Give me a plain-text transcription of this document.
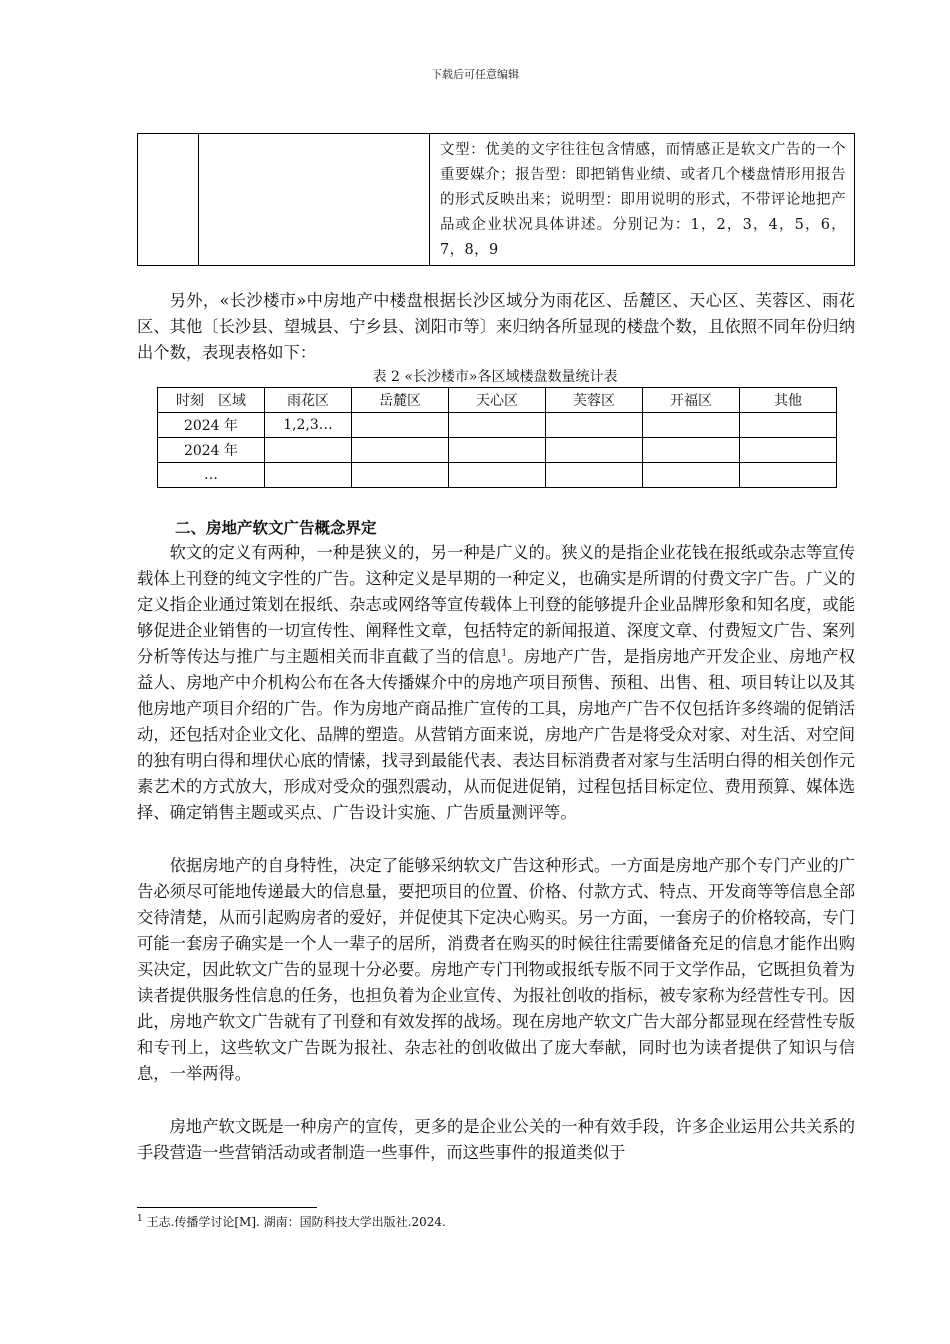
下载后可任意编辑
		文型：优美的文字往往包含情感，而情感正是软文广告的一个重要媒介；报告型：即把销售业绩、或者几个楼盘情形用报告的形式反映出来；说明型：即用说明的形式，不带评论地把产品或企业状况具体讲述。分别记为：1，2，3，4，5，6，7，8，9

另外，«长沙楼市»中房地产中楼盘根据长沙区域分为雨花区、岳麓区、天心区、芙蓉区、雨花区、其他〔长沙县、望城县、宁乡县、浏阳市等〕来归纳各所显现的楼盘个数，且依照不同年份归纳出个数，表现表格如下：

表 2 «长沙楼市»各区域楼盘数量统计表
时刻　区域	雨花区	岳麓区	天心区	芙蓉区	开福区	其他
2024 年	1,2,3…					
2024 年						
…						
二、房地产软文广告概念界定

软文的定义有两种，一种是狭义的，另一种是广义的。狭义的是指企业花钱在报纸或杂志等宣传载体上刊登的纯文字性的广告。这种定义是早期的一种定义，也确实是所谓的付费文字广告。广义的定义指企业通过策划在报纸、杂志或网络等宣传载体上刊登的能够提升企业品牌形象和知名度，或能够促进企业销售的一切宣传性、阐释性文章，包括特定的新闻报道、深度文章、付费短文广告、案列分析等传达与推广与主题相关而非直截了当的信息$^1$。房地产广告，是指房地产开发企业、房地产权益人、房地产中介机构公布在各大传播媒介中的房地产项目预售、预租、出售、租、项目转让以及其他房地产项目介绍的广告。作为房地产商品推广宣传的工具，房地产广告不仅包括许多终端的促销活动，还包括对企业文化、品牌的塑造。从营销方面来说，房地产广告是将受众对家、对生活、对空间的独有明白得和埋伏心底的情愫，找寻到最能代表、表达目标消费者对家与生活明白得的相关创作元素艺术的方式放大，形成对受众的强烈震动，从而促进促销，过程包括目标定位、费用预算、媒体选择、确定销售主题或买点、广告设计实施、广告质量测评等。

依据房地产的自身特性，决定了能够采纳软文广告这种形式。一方面是房地产那个专门产业的广告必须尽可能地传递最大的信息量，要把项目的位置、价格、付款方式、特点、开发商等等信息全部交待清楚，从而引起购房者的爱好，并促使其下定决心购买。另一方面，一套房子的价格较高，专门可能一套房子确实是一个人一辈子的居所，消费者在购买的时候往往需要储备充足的信息才能作出购买决定，因此软文广告的显现十分必要。房地产专门刊物或报纸专版不同于文学作品，它既担负着为读者提供服务性信息的任务，也担负着为企业宣传、为报社创收的指标，被专家称为经营性专刊。因此，房地产软文广告就有了刊登和有效发挥的战场。现在房地产软文广告大部分都显现在经营性专版和专刊上，这些软文广告既为报社、杂志社的创收做出了庞大奉献，同时也为读者提供了知识与信息，一举两得。

房地产软文既是一种房产的宣传，更多的是企业公关的一种有效手段，许多企业运用公共关系的手段营造一些营销活动或者制造一些事件，而这些事件的报道类似于

$^1$ 王志.传播学讨论[M]. 湖南：国防科技大学出版社.2024.
